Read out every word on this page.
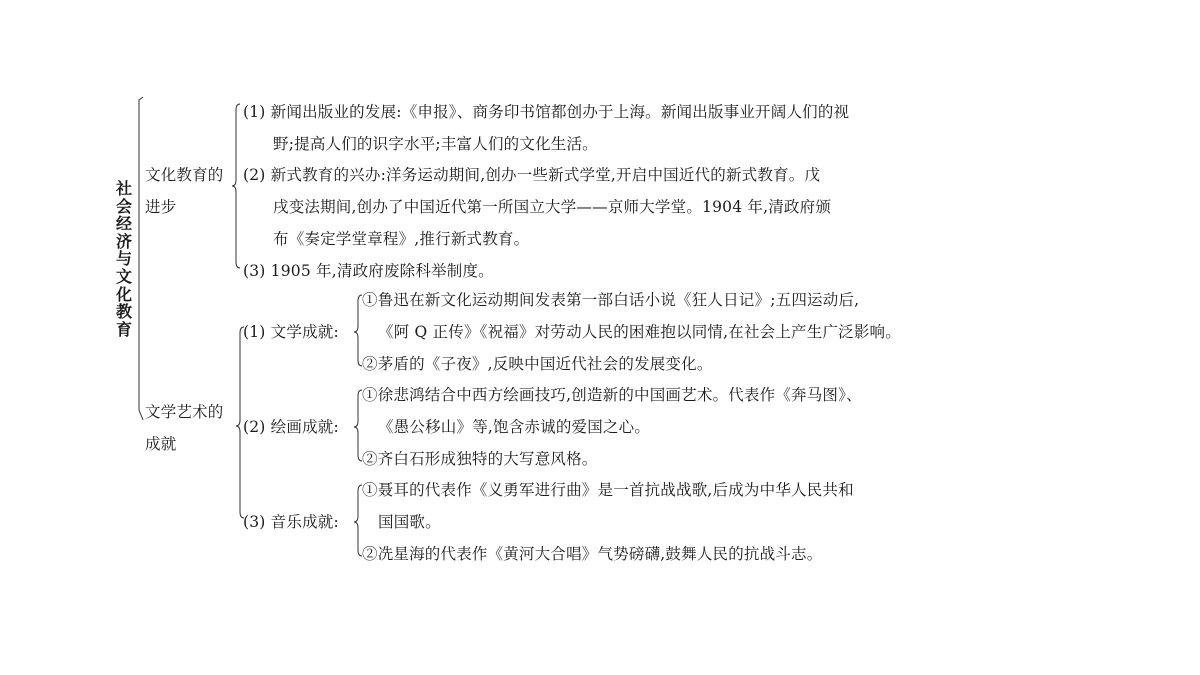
社会经济与文化教育
文化教育的
进步
(1) 新闻出版业的发展:《申报》、商务印书馆都创办于上海。新闻出版事业开阔人们的视
野;提高人们的识字水平;丰富人们的文化生活。
(2) 新式教育的兴办:洋务运动期间,创办一些新式学堂,开启中国近代的新式教育。戊
戌变法期间,创办了中国近代第一所国立大学——京师大学堂。1904 年,清政府颁
布《奏定学堂章程》,推行新式教育。
(3) 1905 年,清政府废除科举制度。
文学艺术的
成就
(1) 文学成就:
①鲁迅在新文化运动期间发表第一部白话小说《狂人日记》;五四运动后,
《阿 Q 正传》《祝福》对劳动人民的困难抱以同情,在社会上产生广泛影响。
②茅盾的《子夜》,反映中国近代社会的发展变化。
(2) 绘画成就:
①徐悲鸿结合中西方绘画技巧,创造新的中国画艺术。代表作《奔马图》、
《愚公移山》等,饱含赤诚的爱国之心。
②齐白石形成独特的大写意风格。
(3) 音乐成就:
①聂耳的代表作《义勇军进行曲》是一首抗战战歌,后成为中华人民共和
国国歌。
②冼星海的代表作《黄河大合唱》气势磅礴,鼓舞人民的抗战斗志。
